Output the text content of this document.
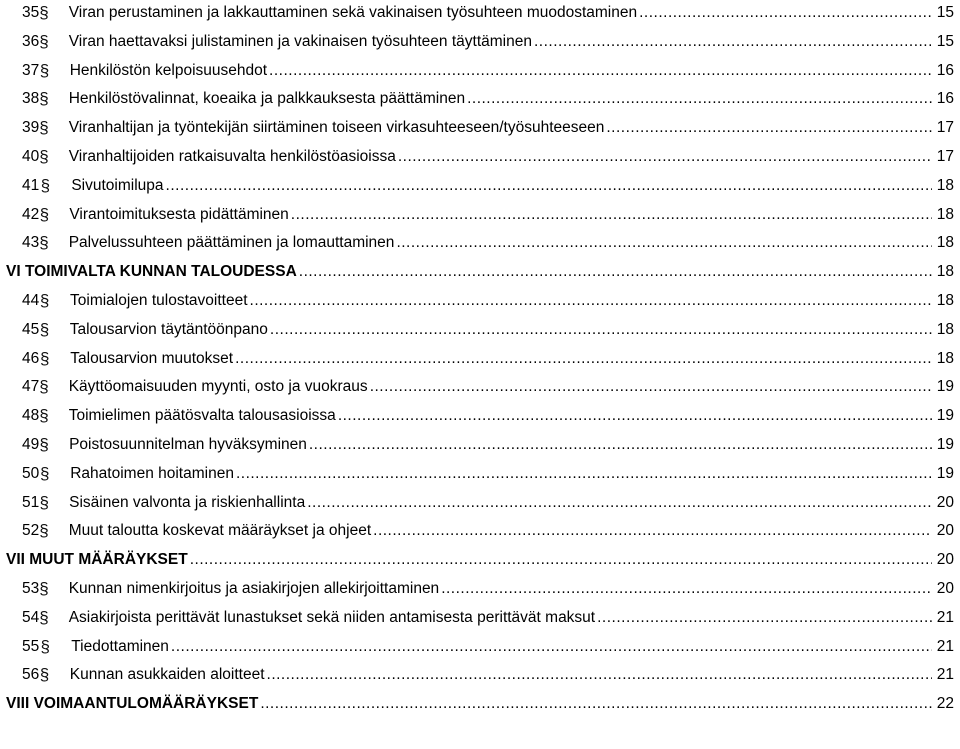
35 §	Viran perustaminen ja lakkauttaminen sekä vakinaisen työsuhteen muodostaminen .....	15
36 §	Viran haettavaksi julistaminen ja vakinaisen työsuhteen täyttäminen .....	15
37 §	Henkilöstön kelpoisuusehdot .....	16
38 §	Henkilöstövalinnat, koeaika ja palkkauksesta päättäminen .....	16
39 §	Viranhaltijan ja työntekijän siirtäminen toiseen virkasuhteeseen/työsuhteeseen .....	17
40 §	Viranhaltijoiden ratkaisuvalta henkilöstöasioissa .....	17
41 §	Sivutoimilupa .....	18
42 §	Virantoimituksesta pidättäminen .....	18
43 §	Palvelussuhteen päättäminen ja lomauttaminen .....	18
VI TOIMIVALTA KUNNAN TALOUDESSA .....	18
44 §	Toimialojen tulostavoitteet .....	18
45 §	Talousarvion täytäntöönpano .....	18
46 §	Talousarvion muutokset .....	18
47 §	Käyttöomaisuuden myynti, osto ja vuokraus .....	19
48 §	Toimielimen päätösvalta talousasioissa .....	19
49 §	Poistosuunnitelman hyväksyminen .....	19
50 §	Rahatoimen hoitaminen .....	19
51 §	Sisäinen valvonta ja riskienhallinta .....	20
52 §	Muut taloutta koskevat määräykset ja ohjeet .....	20
VII MUUT MÄÄRÄYKSET .....	20
53 §	Kunnan nimenkirjoitus ja asiakirjojen allekirjoittaminen .....	20
54 §	Asiakirjoista perittävät lunastukset sekä niiden antamisesta perittävät maksut .....	21
55 §	Tiedottaminen .....	21
56 §	Kunnan asukkaiden aloitteet .....	21
VIII VOIMAANTULOMÄÄRÄYKSET .....	22
